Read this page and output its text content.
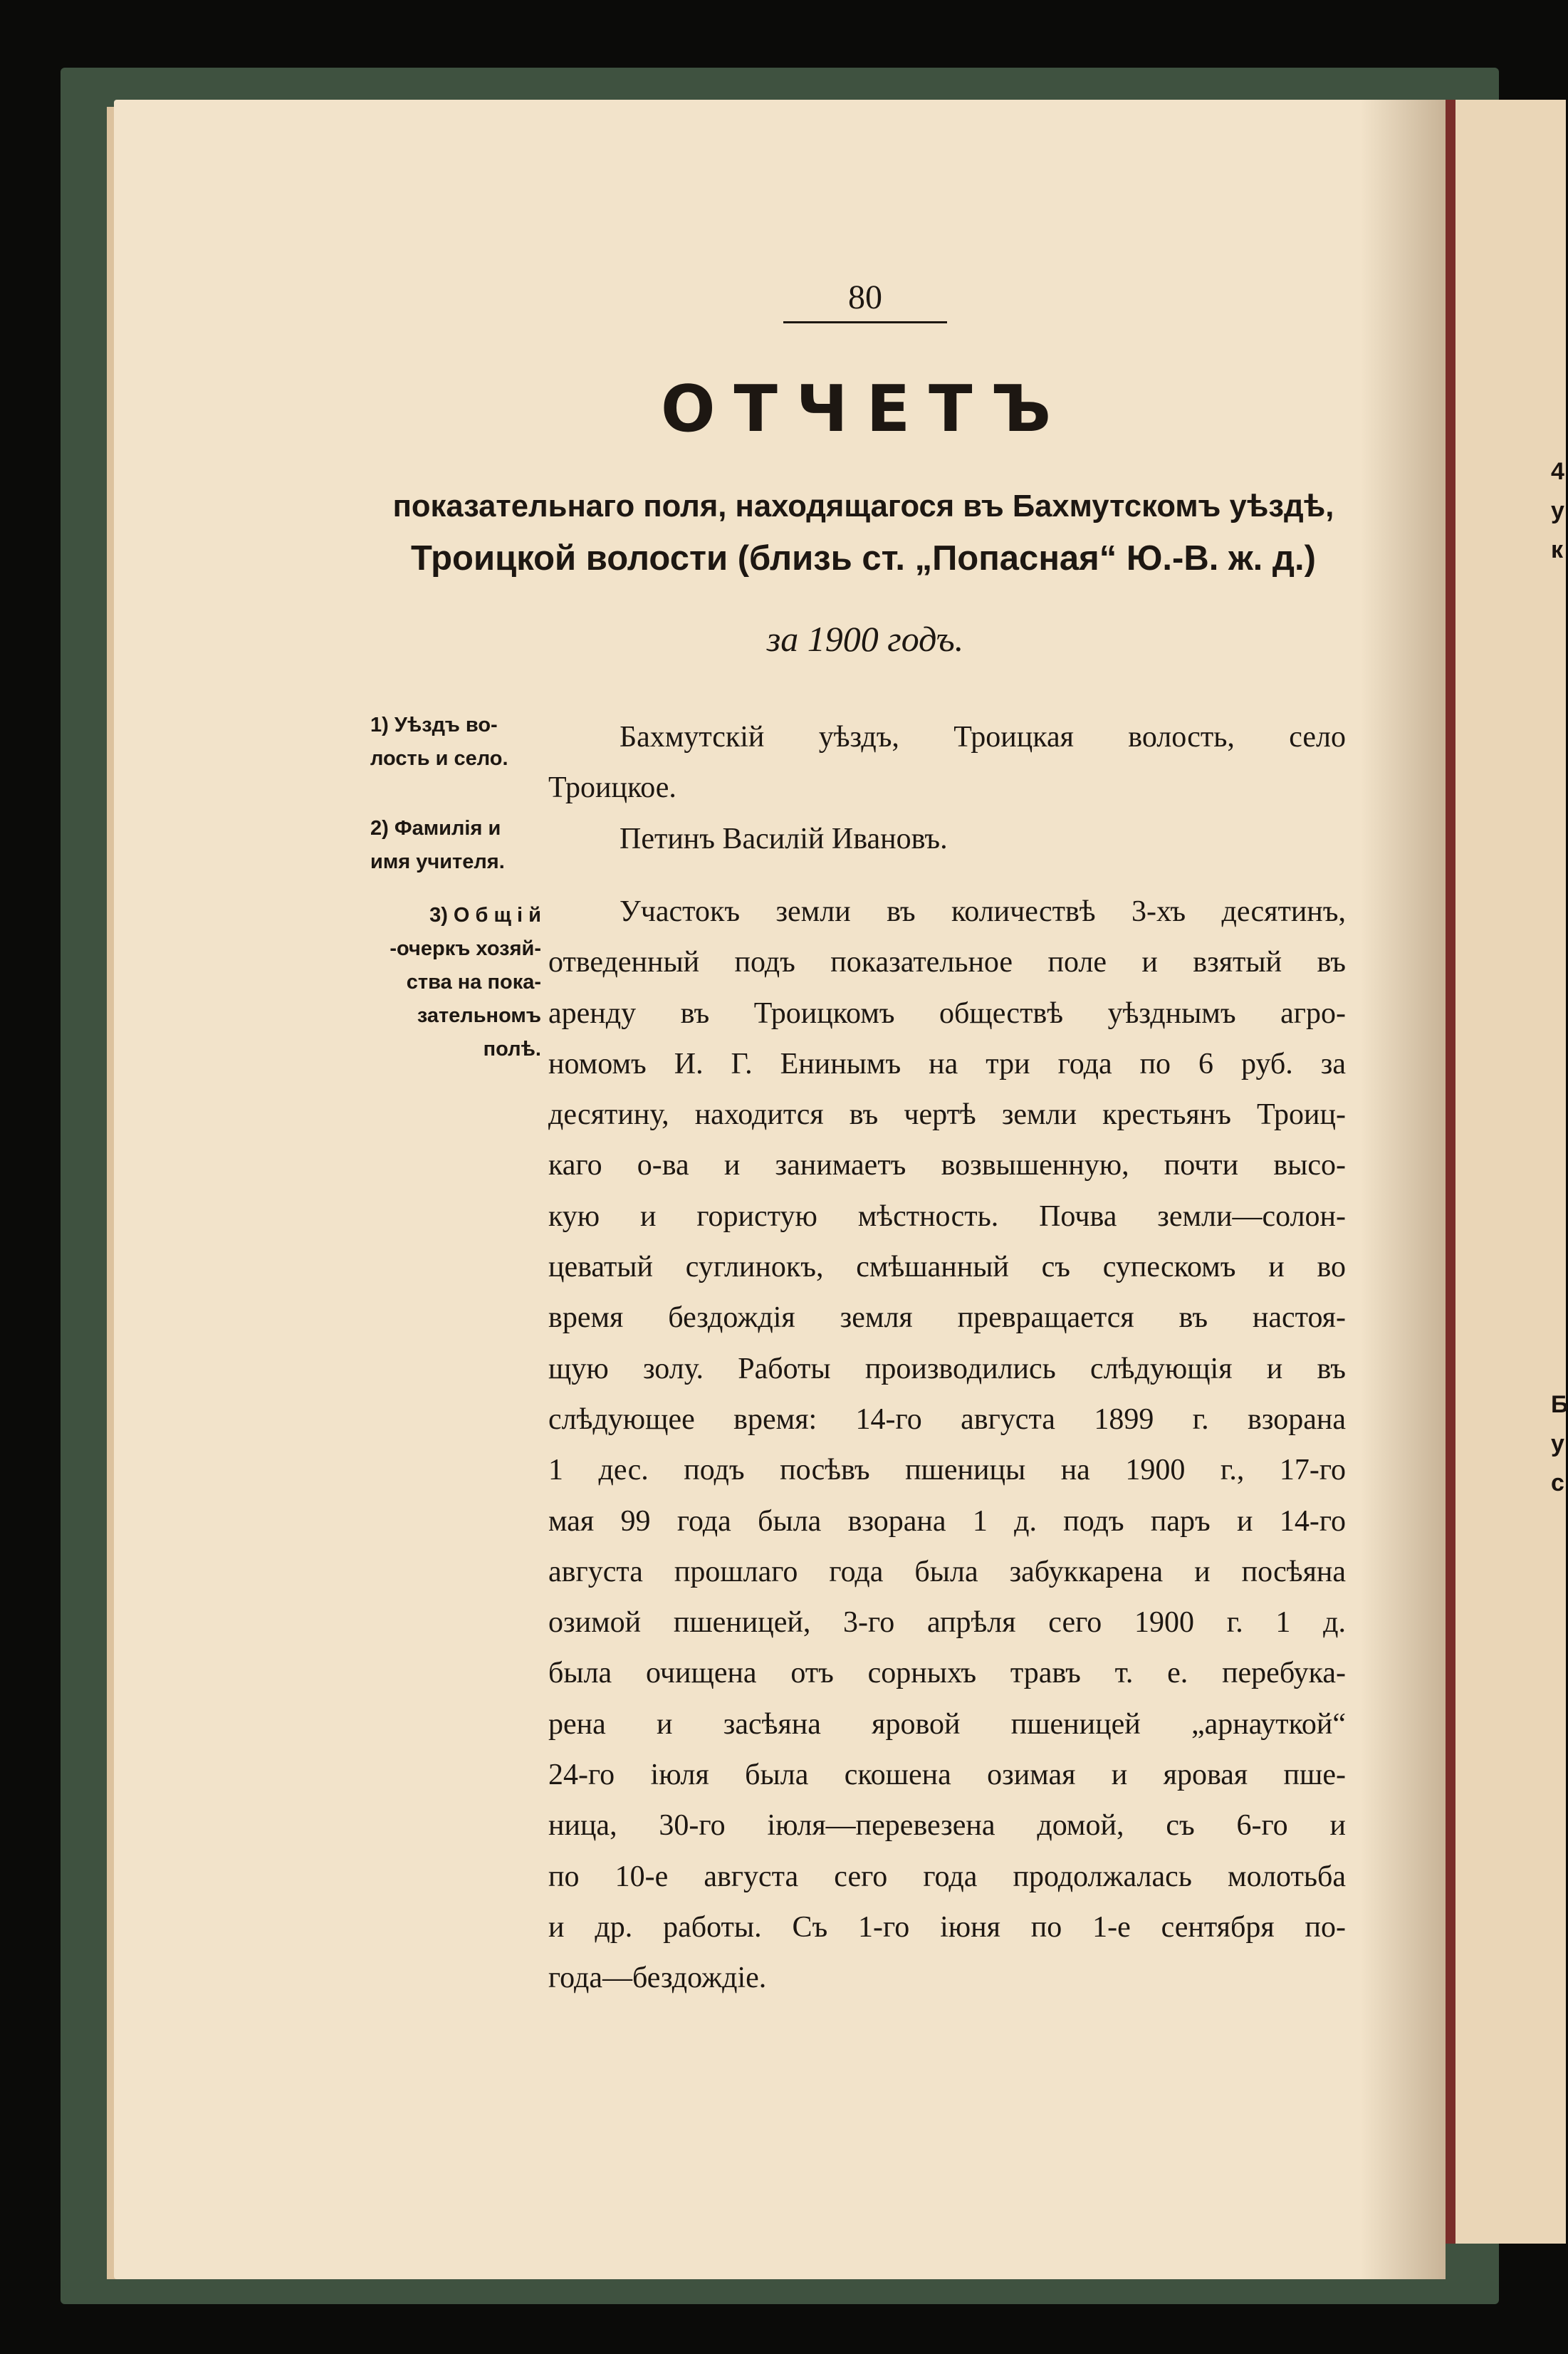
4
у
к
Б
у
с
80
ОТЧЕТЪ
показательнаго поля, находящагося въ Бахмутскомъ уѣздѣ,
Троицкой волости (близь ст. „Попасная“ Ю.-В. ж. д.)
за 1900 годъ.
1) Уѣздъ во-
лость и село.
2) Фамилія и
имя учителя.
3) О б щ і й
-очеркъ хозяй-
ства на пока-
зательномъ
полѣ.
Бахмутскій уѣздъ, Троицкая волость, село
Троицкое.
Петинъ Василій Ивановъ.
Участокъ земли въ количествѣ 3-хъ десятинъ,
отведенный подъ показательное поле и взятый въ
аренду въ Троицкомъ обществѣ уѣзднымъ агро-
номомъ И. Г. Енинымъ на три года по 6 руб. за
десятину, находится въ чертѣ земли крестьянъ Троиц-
каго о-ва и занимаетъ возвышенную, почти высо-
кую и гористую мѣстность. Почва земли—солон-
цеватый суглинокъ, смѣшанный съ супескомъ и во
время бездождія земля превращается въ настоя-
щую золу. Работы производились слѣдующія и въ
слѣдующее время: 14-го августа 1899 г. взорана
1 дес. подъ посѣвъ пшеницы на 1900 г., 17-го
мая 99 года была взорана 1 д. подъ паръ и 14-го
августа прошлаго года была забуккарена и посѣяна
озимой пшеницей, 3-го апрѣля сего 1900 г. 1 д.
была очищена отъ сорныхъ травъ т. е. перебука-
рена и засѣяна яровой пшеницей „арнауткой“
24-го іюля была скошена озимая и яровая пше-
ница, 30-го іюля—перевезена домой, съ 6-го и
по 10-е августа сего года продолжалась молотьба
и др. работы. Съ 1-го іюня по 1-е сентября по-
года—бездождіе.
